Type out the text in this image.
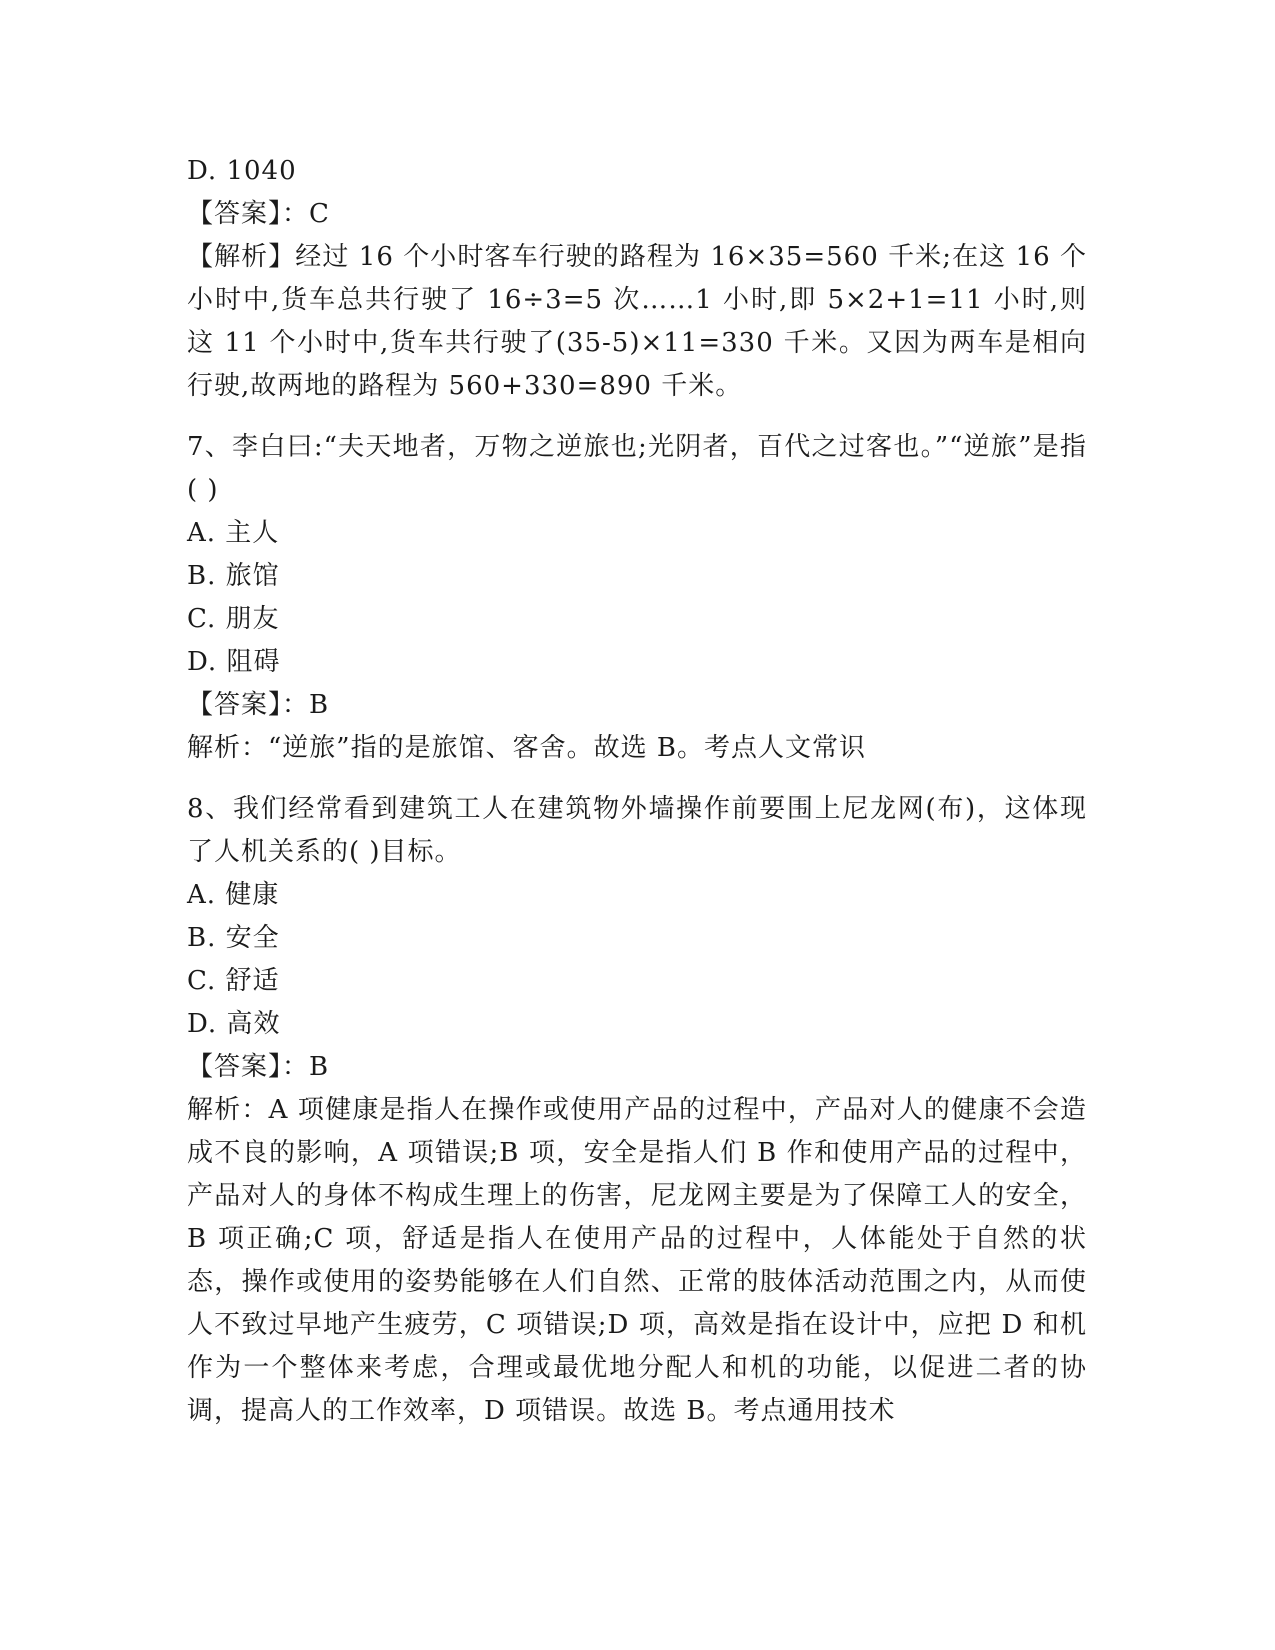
D. 1040
【答案】：C
【解析】经过 16 个小时客车行驶的路程为 16×35=560 千米;在这 16 个小时中,货车总共行驶了 16÷3=5 次……1 小时,即 5×2+1=11 小时,则这 11 个小时中,货车共行驶了(35-5)×11=330 千米。又因为两车是相向行驶,故两地的路程为 560+330=890 千米。
7、李白曰:“夫天地者，万物之逆旅也;光阴者，百代之过客也。”“逆旅”是指( )
A. 主人
B. 旅馆
C. 朋友
D. 阻碍
【答案】：B
解析：“逆旅”指的是旅馆、客舍。故选 B。考点人文常识
8、我们经常看到建筑工人在建筑物外墙操作前要围上尼龙网(布)，这体现了人机关系的( )目标。
A. 健康
B. 安全
C. 舒适
D. 高效
【答案】：B
解析：A 项健康是指人在操作或使用产品的过程中，产品对人的健康不会造成不良的影响，A 项错误;B 项，安全是指人们 B 作和使用产品的过程中，产品对人的身体不构成生理上的伤害，尼龙网主要是为了保障工人的安全，B 项正确;C 项，舒适是指人在使用产品的过程中，人体能处于自然的状态，操作或使用的姿势能够在人们自然、正常的肢体活动范围之内，从而使人不致过早地产生疲劳，C 项错误;D 项，高效是指在设计中，应把 D 和机作为一个整体来考虑，合理或最优地分配人和机的功能，以促进二者的协调，提高人的工作效率，D 项错误。故选 B。考点通用技术
